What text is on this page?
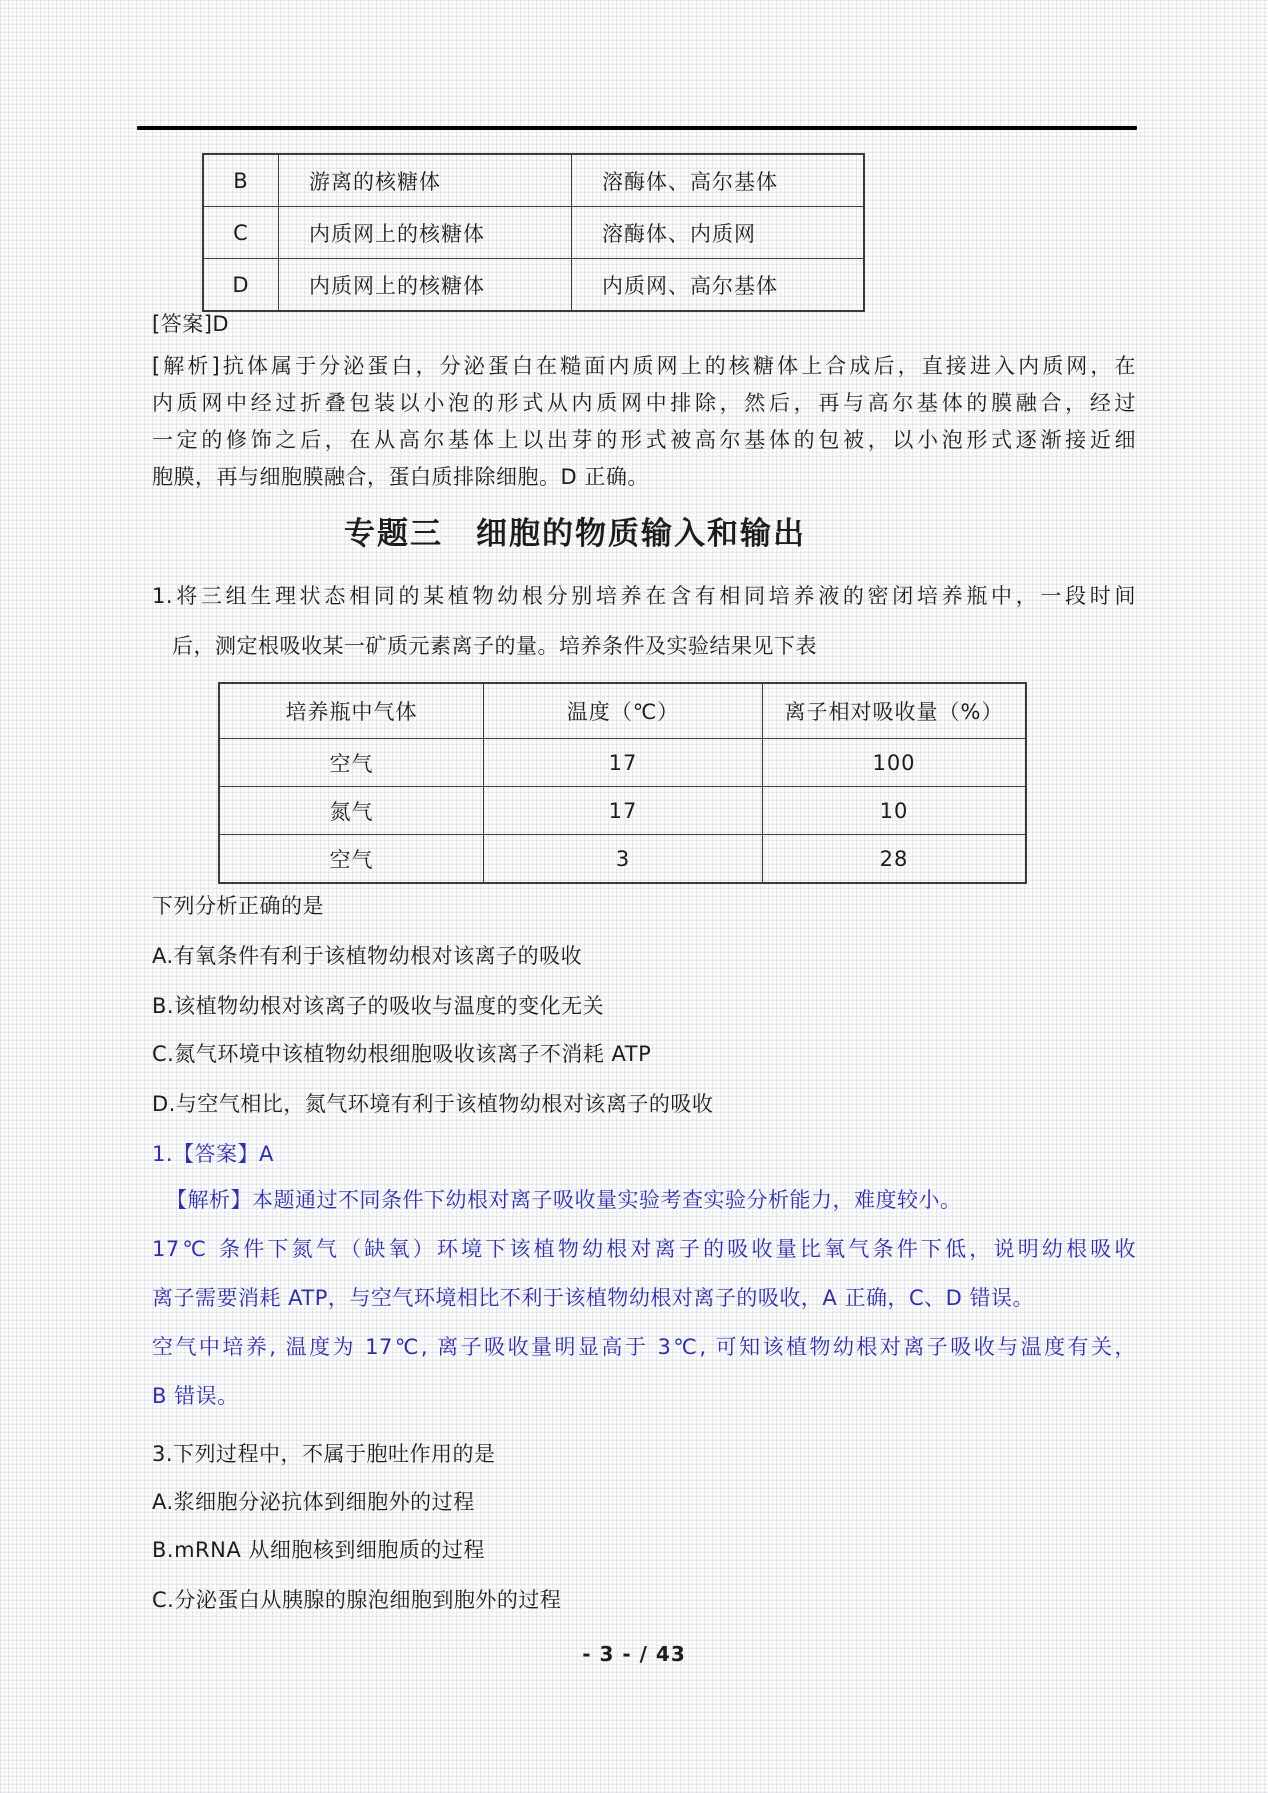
B	游离的核糖体	溶酶体、高尔基体
C	内质网上的核糖体	溶酶体、内质网
D	内质网上的核糖体	内质网、高尔基体
[答案]D
[解析]抗体属于分泌蛋白，分泌蛋白在糙面内质网上的核糖体上合成后，直接进入内质网，在
内质网中经过折叠包装以小泡的形式从内质网中排除，然后，再与高尔基体的膜融合，经过
一定的修饰之后，在从高尔基体上以出芽的形式被高尔基体的包被，以小泡形式逐渐接近细
胞膜，再与细胞膜融合，蛋白质排除细胞。D 正确。
专题三　细胞的物质输入和输出
1.将三组生理状态相同的某植物幼根分别培养在含有相同培养液的密闭培养瓶中，一段时间
后，测定根吸收某一矿质元素离子的量。培养条件及实验结果见下表
培养瓶中气体	温度（℃）	离子相对吸收量（%）
空气	17	100
氮气	17	10
空气	3	28
下列分析正确的是
A.有氧条件有利于该植物幼根对该离子的吸收
B.该植物幼根对该离子的吸收与温度的变化无关
C.氮气环境中该植物幼根细胞吸收该离子不消耗 ATP
D.与空气相比，氮气环境有利于该植物幼根对该离子的吸收
1.【答案】A
【解析】本题通过不同条件下幼根对离子吸收量实验考查实验分析能力，难度较小。
17℃ 条件下氮气（缺氧）环境下该植物幼根对离子的吸收量比氧气条件下低，说明幼根吸收
离子需要消耗 ATP，与空气环境相比不利于该植物幼根对离子的吸收，A 正确，C、D 错误。
空气中培养, 温度为 17℃, 离子吸收量明显高于 3℃, 可知该植物幼根对离子吸收与温度有关，
B 错误。
3.下列过程中，不属于胞吐作用的是
A.浆细胞分泌抗体到细胞外的过程
B.mRNA 从细胞核到细胞质的过程
C.分泌蛋白从胰腺的腺泡细胞到胞外的过程
- 3 - / 43
